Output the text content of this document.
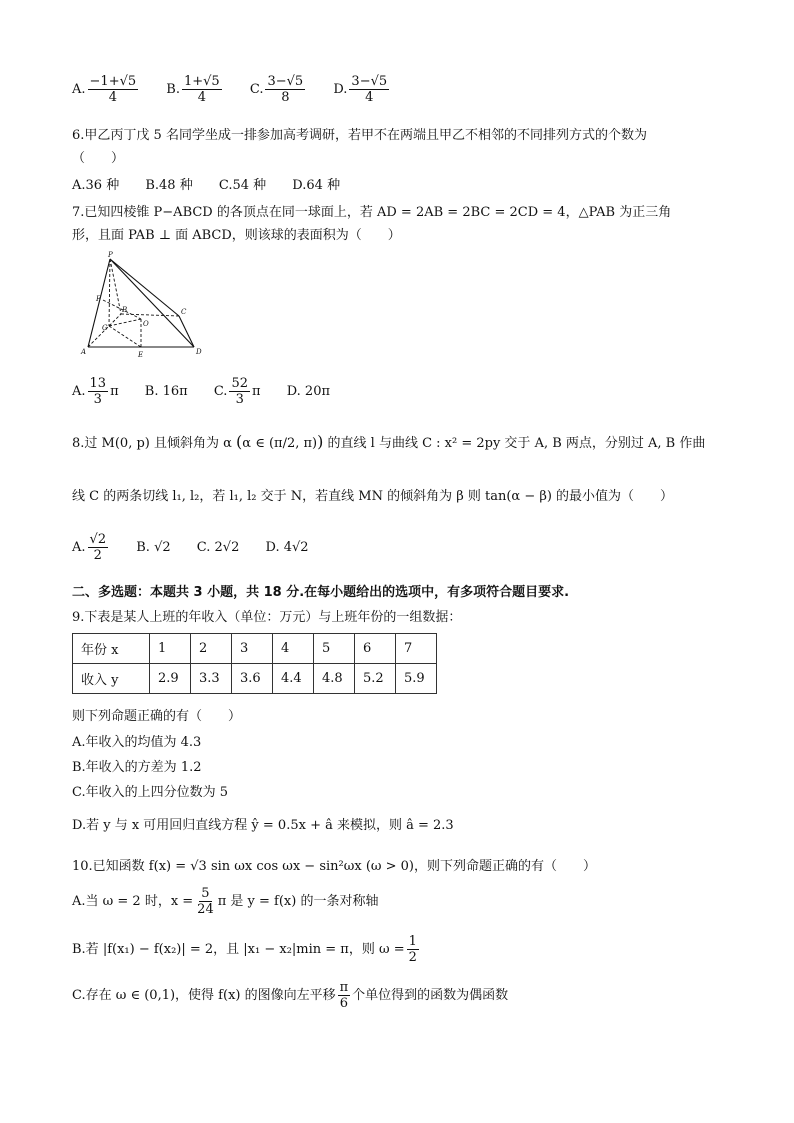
A. $\frac{-1+√5}{4}$
B. $\frac{1+√5}{4}$
C. $\frac{3-√5}{8}$
D. $\frac{3-√5}{4}$
6.甲乙丙丁戊 5 名同学坐成一排参加高考调研，若甲不在两端且甲乙不相邻的不同排列方式的个数为
（　　）
A.36 种 B.48 种 C.54 种 D.64 种
7.已知四棱锥 P−ABCD 的各顶点在同一球面上，若 AD = 2AB = 2BC = 2CD = 4，△PAB 为正三角
形，且面 PAB ⊥ 面 ABCD，则该球的表面积为（　　）
P
A	D
C
B
E
F
G	O
A. $\frac{13}{3}$ π
B.
16π
C. $\frac{52}{3}$ π
D.
20π
8.过 M(0, p) 且倾斜角为 α (α ∈ (π/2, π)) 的直线 l 与曲线 C : x² = 2py 交于 A, B 两点，分别过 A, B 作曲
线 C 的两条切线 l₁, l₂，若 l₁, l₂ 交于 N，若直线 MN 的倾斜角为 β 则 tan(α − β) 的最小值为（　　）
A. $\frac{√2}{2}$
B.
√2
C.
2√2
D.
4√2
二、多选题：本题共 3 小题，共 18 分.在每小题给出的选项中，有多项符合题目要求.
9.下表是某人上班的年收入（单位：万元）与上班年份的一组数据：
年份 x	1	2	3	4	5	6	7
收入 y	2.9	3.3	3.6	4.4	4.8	5.2	5.9
则下列命题正确的有（　　）
A.年收入的均值为 4.3
B.年收入的方差为 1.2
C.年收入的上四分位数为 5
D.若 y 与 x 可用回归直线方程 ŷ = 0.5x + â 来模拟，则 â = 2.3
10.已知函数 f(x) = √3 sin ωx cos ωx − sin²ωx (ω > 0)，则下列命题正确的有（　　）
A.当 ω = 2 时，$x = \frac{5}{24}$ π 是 y = f(x) 的一条对称轴
B.若 |f(x₁) − f(x₂)| = 2，且 |x₁ − x₂|min = π，则 $\omega = \frac{1}{2}$
C.存在 ω ∈ (0,1)，使得 f(x) 的图像向左平移 $\frac{\pi}{6}$ 个单位得到的函数为偶函数
